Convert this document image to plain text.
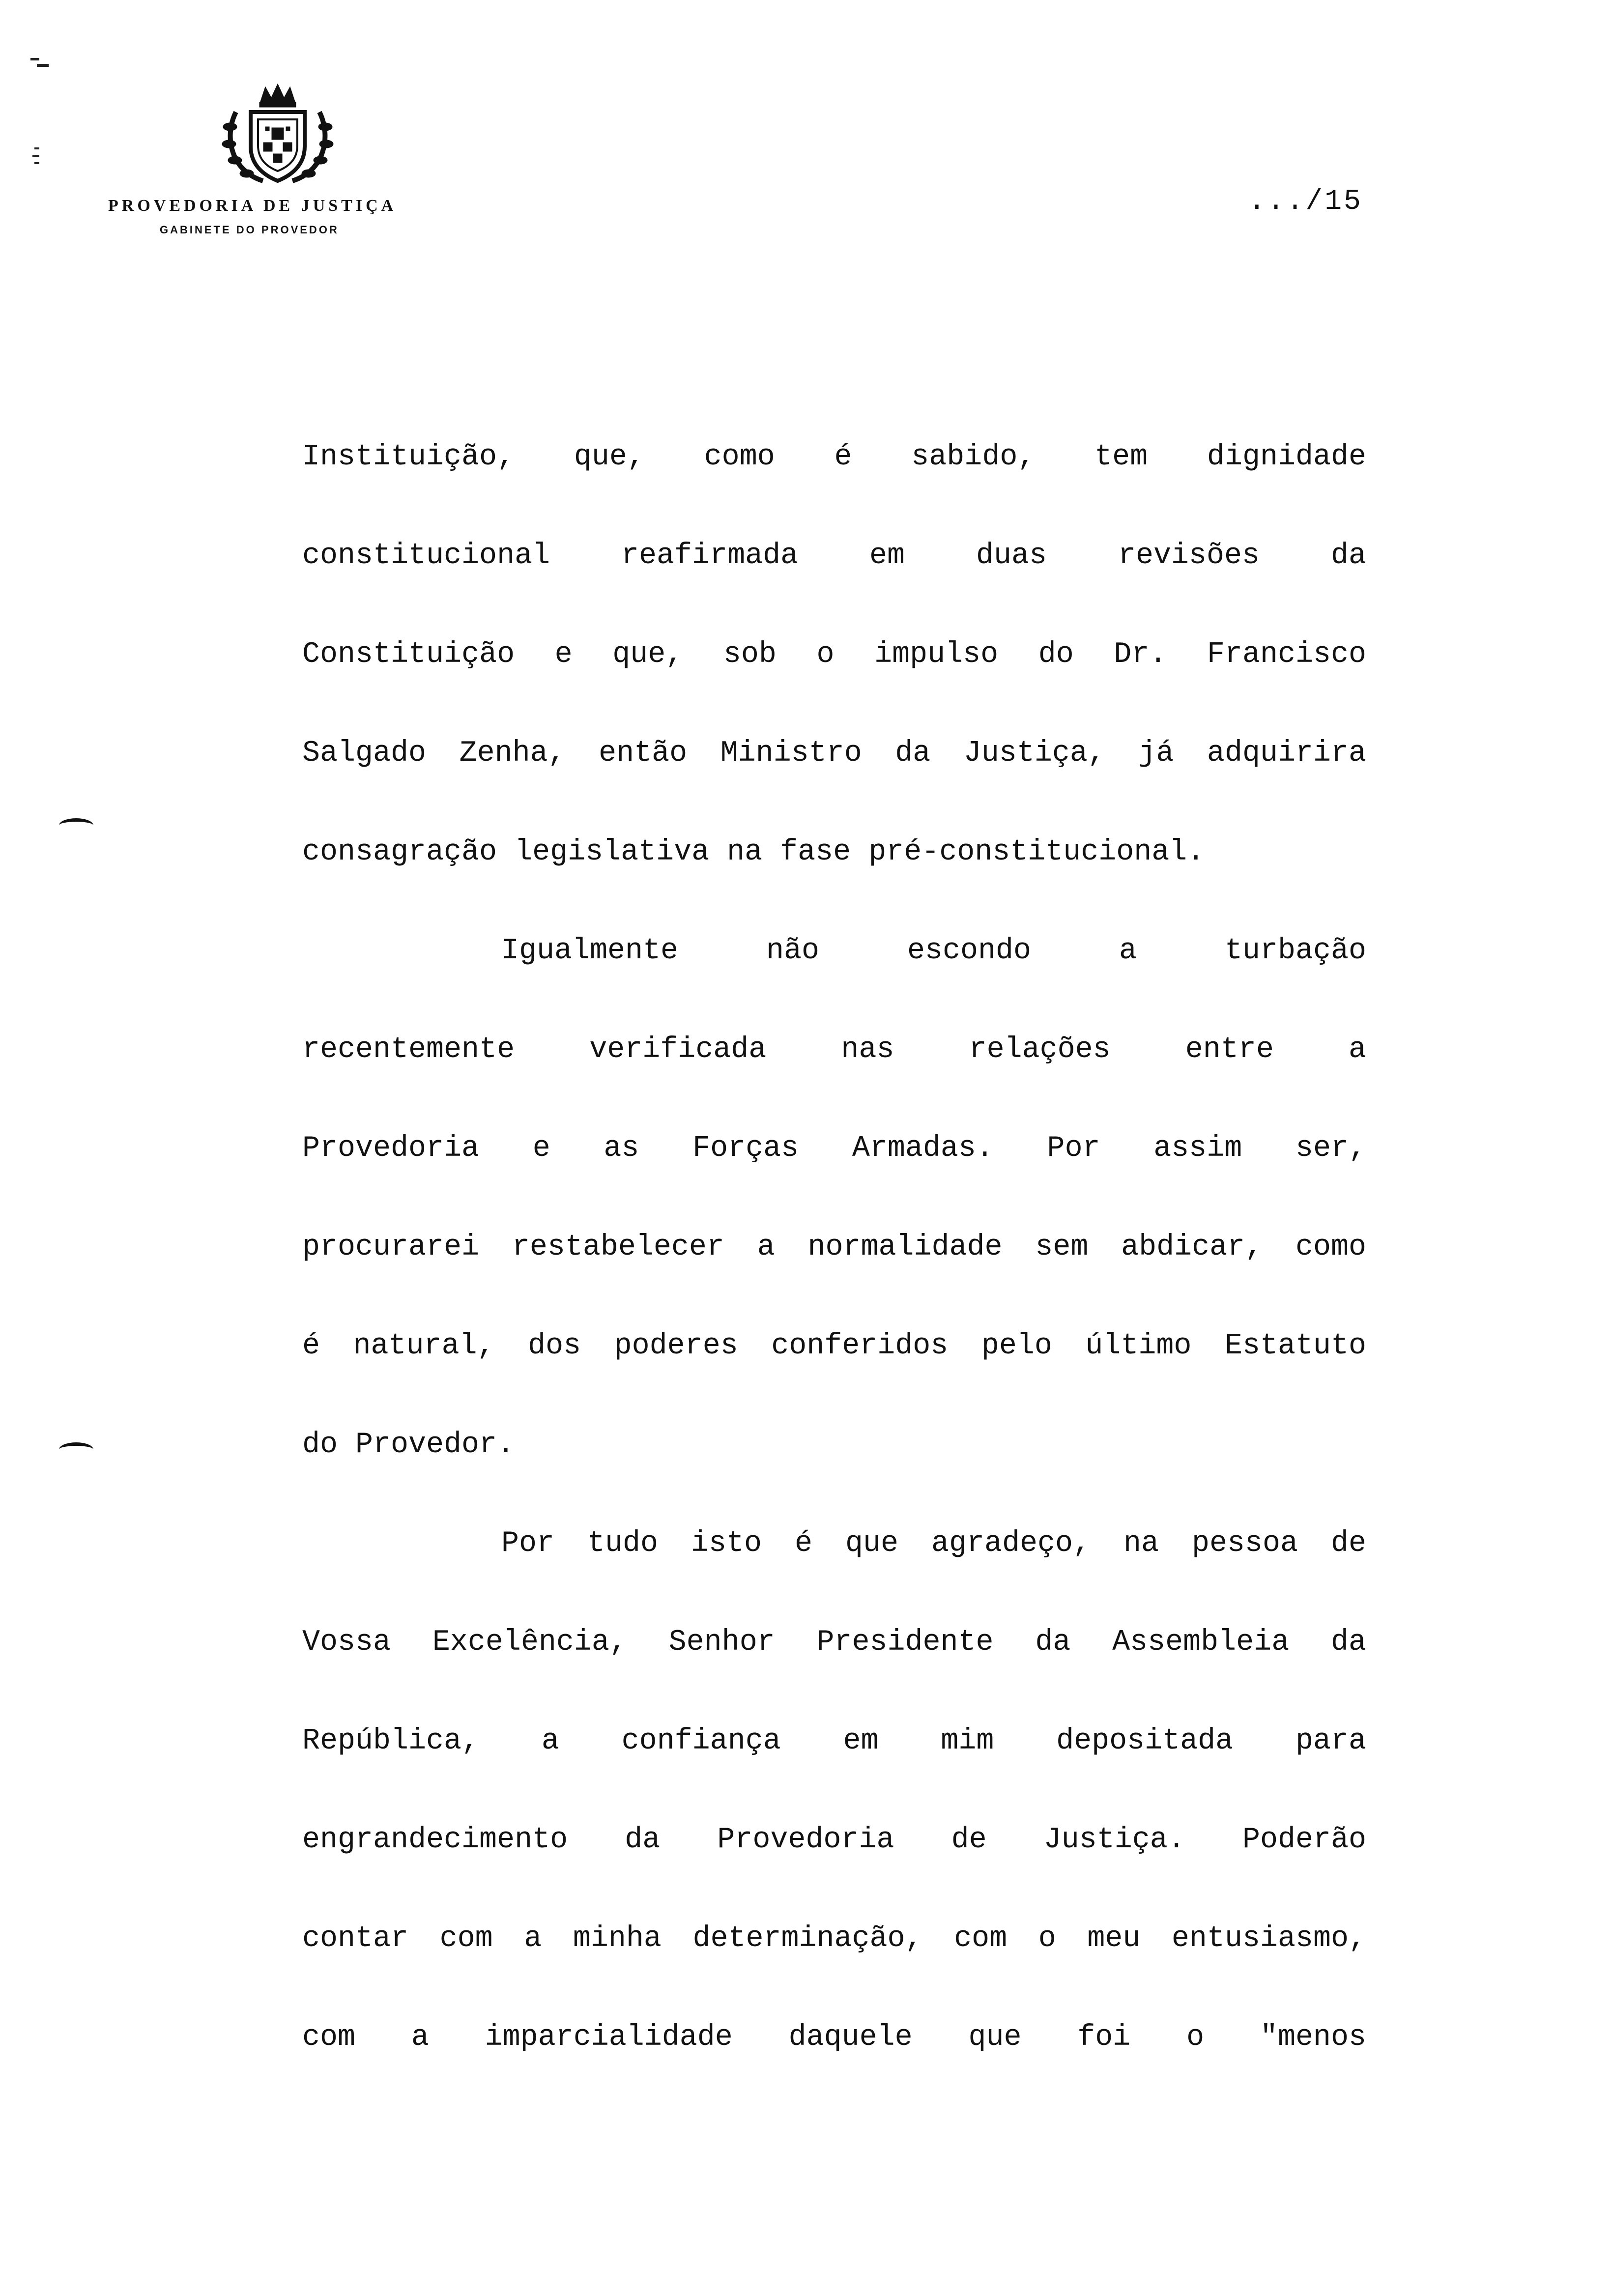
PROVEDORIA DE JUSTIÇA
GABINETE DO PROVEDOR
.../15
Instituição, que, como é sabido, tem dignidade
constitucional reafirmada em duas revisões da
Constituição e que, sob o impulso do Dr. Francisco
Salgado Zenha, então Ministro da Justiça, já adquirira
consagração legislativa na fase pré-constitucional.
Igualmente não escondo a turbação
recentemente verificada nas relações entre a
Provedoria e as Forças Armadas. Por assim ser,
procurarei restabelecer a normalidade sem abdicar, como
é natural, dos poderes conferidos pelo último Estatuto
do Provedor.
Por tudo isto é que agradeço, na pessoa de
Vossa Excelência, Senhor Presidente da Assembleia da
República, a confiança em mim depositada para
engrandecimento da Provedoria de Justiça. Poderão
contar com a minha determinação, com o meu entusiasmo,
com a imparcialidade daquele que foi o "menos
